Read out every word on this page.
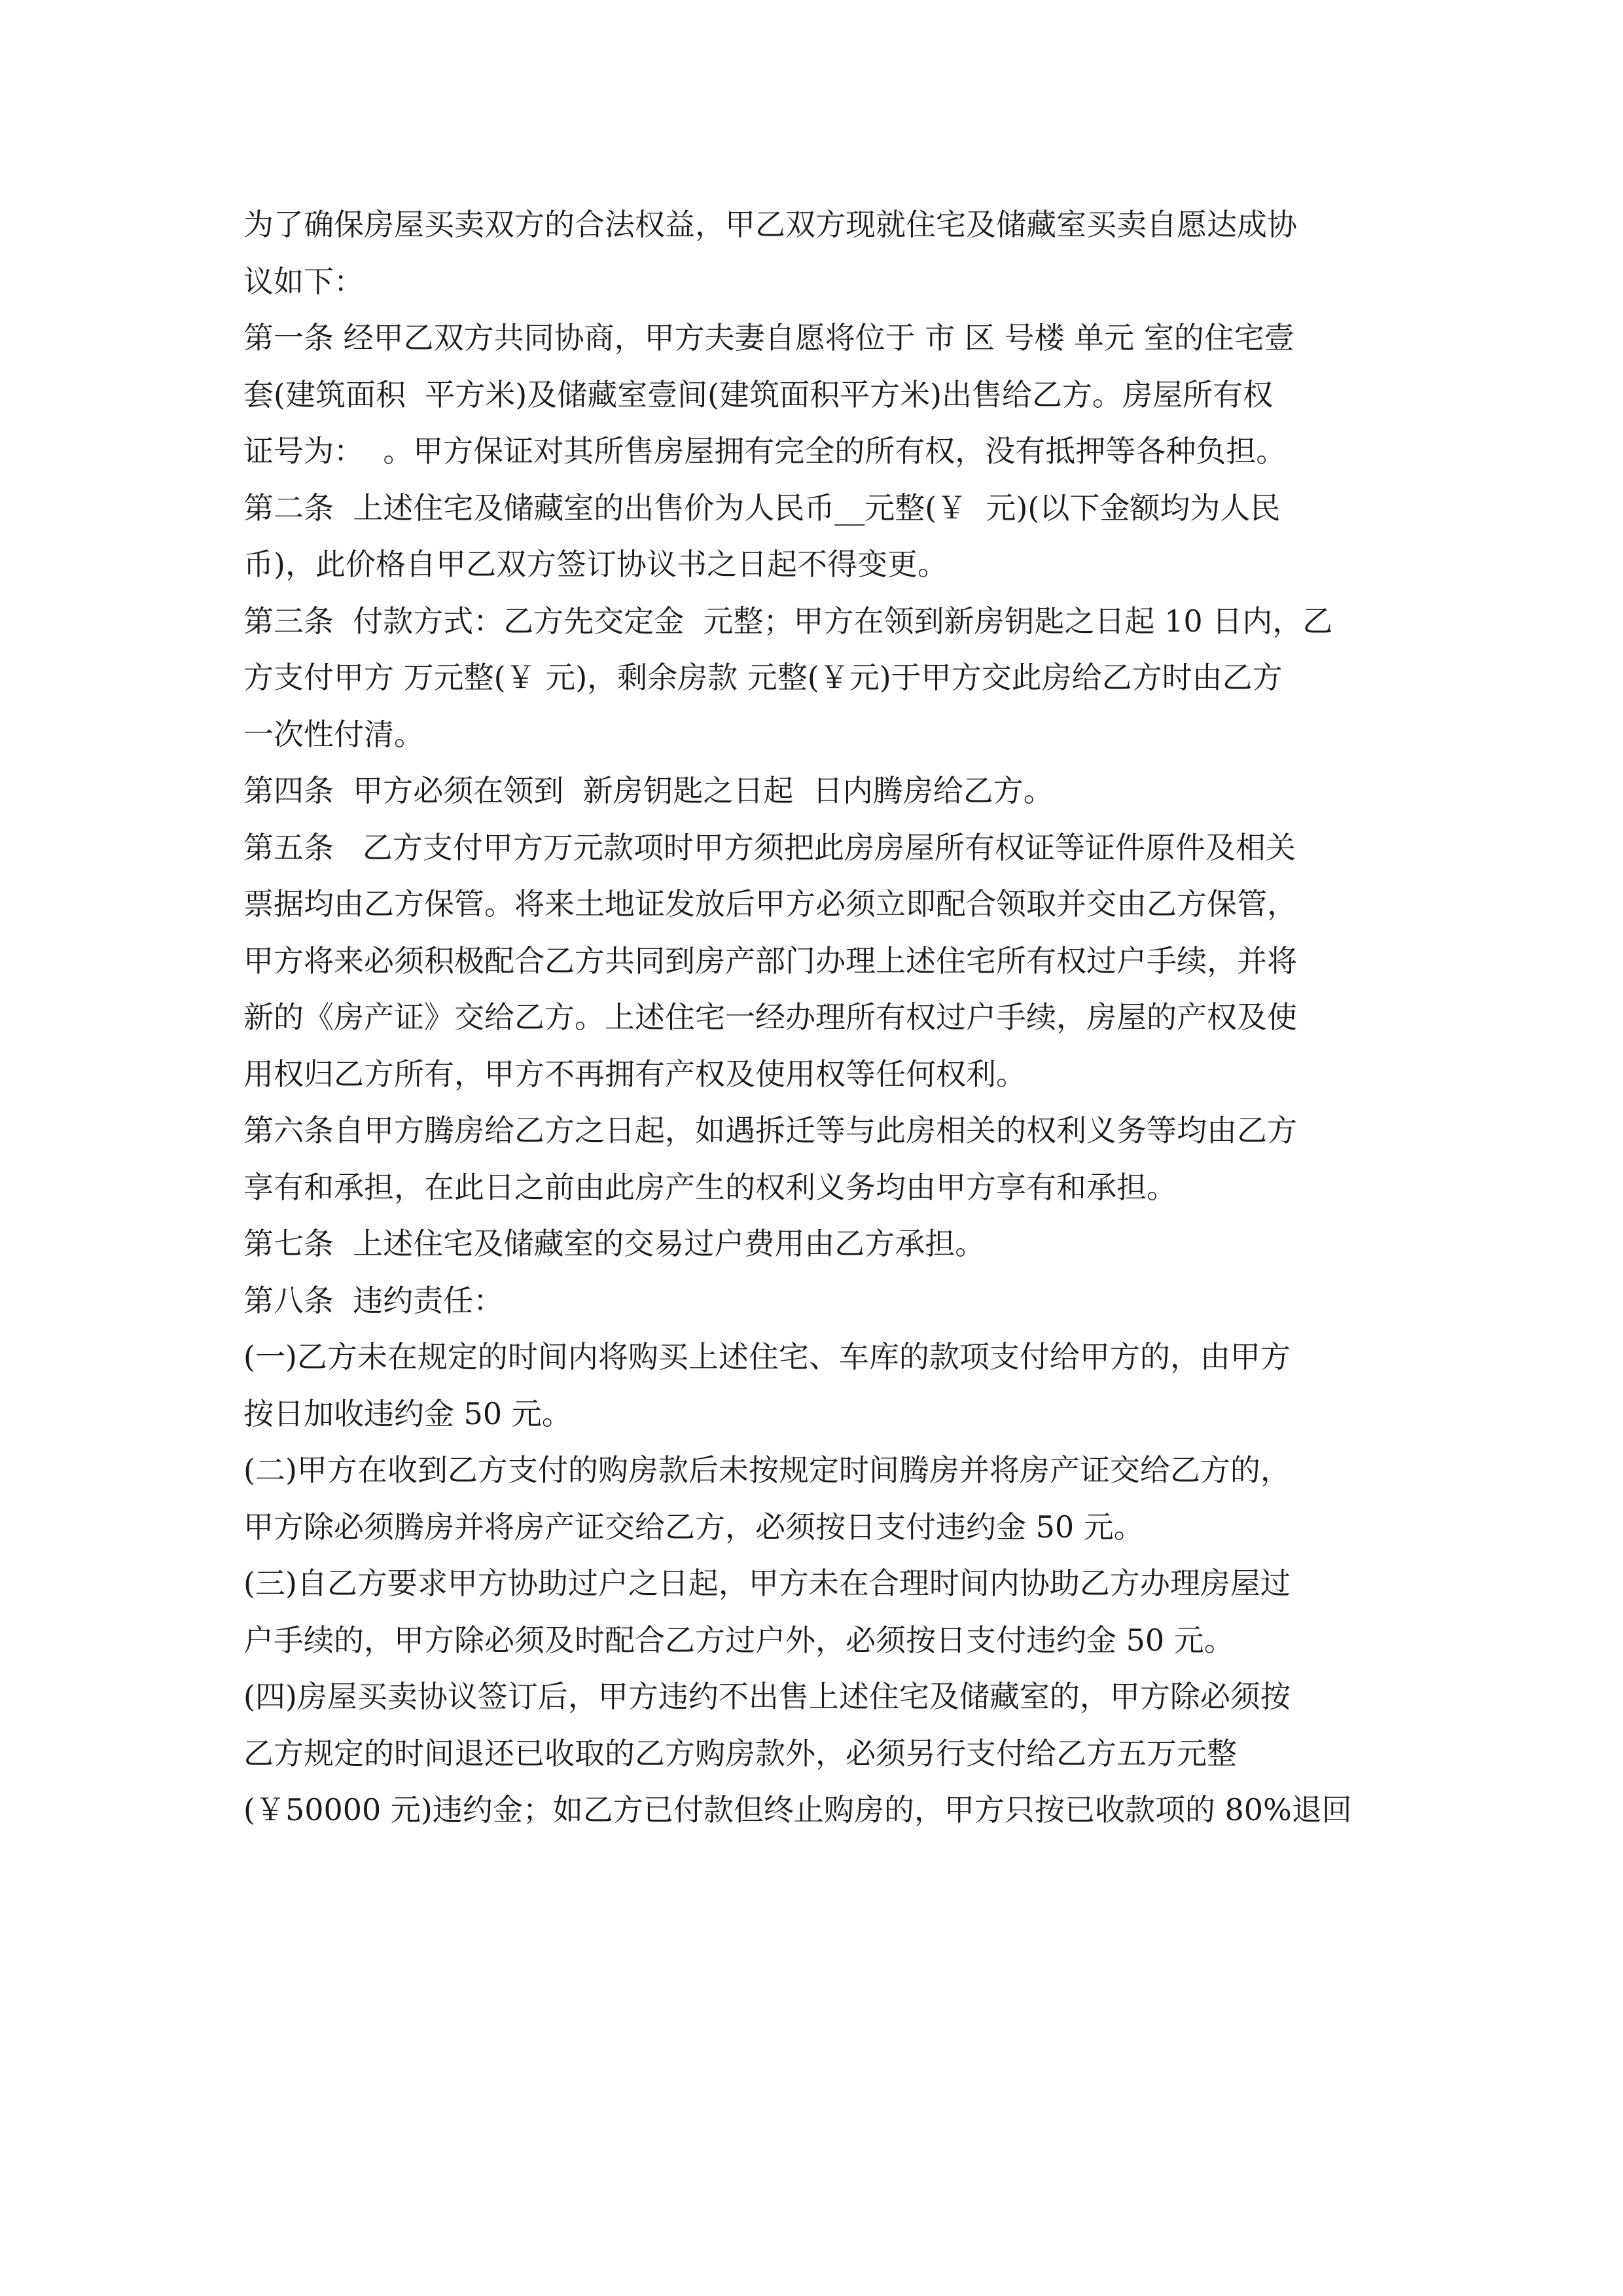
为了确保房屋买卖双方的合法权益，甲乙双方现就住宅及储藏室买卖自愿达成协
议如下：
第一条 经甲乙双方共同协商，甲方夫妻自愿将位于 市 区 号楼 单元 室的住宅壹
套(建筑面积  平方米)及储藏室壹间(建筑面积平方米)出售给乙方。房屋所有权
证号为：  。甲方保证对其所售房屋拥有完全的所有权，没有抵押等各种负担。
第二条  上述住宅及储藏室的出售价为人民币__元整(￥  元)(以下金额均为人民
币)，此价格自甲乙双方签订协议书之日起不得变更。
第三条  付款方式：乙方先交定金  元整；甲方在领到新房钥匙之日起 10 日内，乙
方支付甲方 万元整(￥ 元)，剩余房款 元整(￥元)于甲方交此房给乙方时由乙方
一次性付清。
第四条  甲方必须在领到  新房钥匙之日起  日内腾房给乙方。
第五条   乙方支付甲方万元款项时甲方须把此房房屋所有权证等证件原件及相关
票据均由乙方保管。将来土地证发放后甲方必须立即配合领取并交由乙方保管，
甲方将来必须积极配合乙方共同到房产部门办理上述住宅所有权过户手续，并将
新的《房产证》交给乙方。上述住宅一经办理所有权过户手续，房屋的产权及使
用权归乙方所有，甲方不再拥有产权及使用权等任何权利。
第六条自甲方腾房给乙方之日起，如遇拆迁等与此房相关的权利义务等均由乙方
享有和承担，在此日之前由此房产生的权利义务均由甲方享有和承担。
第七条  上述住宅及储藏室的交易过户费用由乙方承担。
第八条  违约责任：
(一)乙方未在规定的时间内将购买上述住宅、车库的款项支付给甲方的，由甲方
按日加收违约金 50 元。
(二)甲方在收到乙方支付的购房款后未按规定时间腾房并将房产证交给乙方的，
甲方除必须腾房并将房产证交给乙方，必须按日支付违约金 50 元。
(三)自乙方要求甲方协助过户之日起，甲方未在合理时间内协助乙方办理房屋过
户手续的，甲方除必须及时配合乙方过户外，必须按日支付违约金 50 元。
(四)房屋买卖协议签订后，甲方违约不出售上述住宅及储藏室的，甲方除必须按
乙方规定的时间退还已收取的乙方购房款外，必须另行支付给乙方五万元整
(￥50000 元)违约金；如乙方已付款但终止购房的，甲方只按已收款项的 80%退回
